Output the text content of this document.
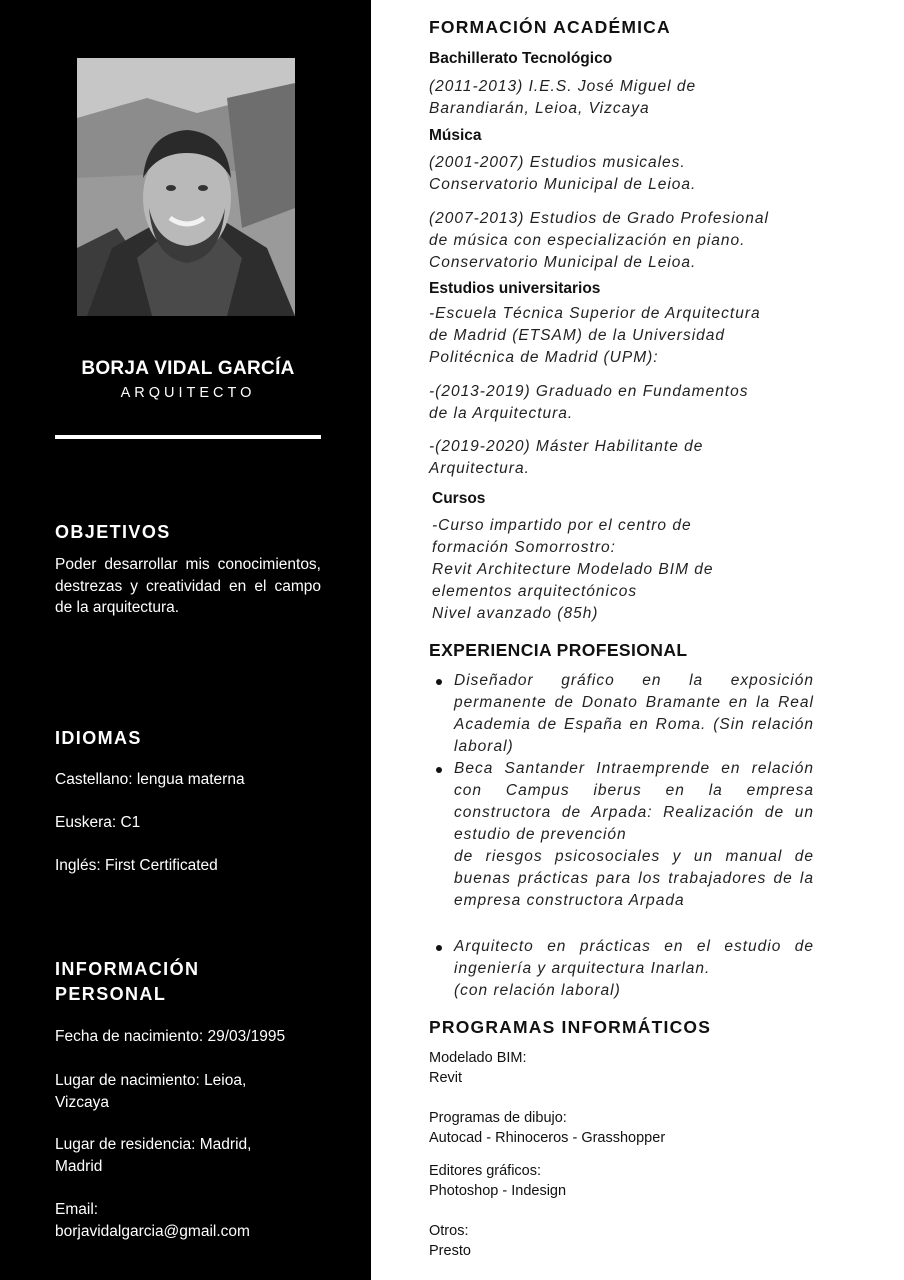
BORJA VIDAL GARCÍA
ARQUITECTO
OBJETIVOS
Poder desarrollar mis conocimientos, destrezas y creatividad en el campo de la arquitectura.
IDIOMAS
Castellano: lengua materna
Euskera: C1
Inglés: First Certificated
INFORMACIÓN
PERSONAL
Fecha de nacimiento: 29/03/1995
Lugar de nacimiento: Leioa,
Vizcaya
Lugar de residencia: Madrid,
Madrid
Email:
borjavidalgarcia@gmail.com
FORMACIÓN ACADÉMICA
Bachillerato Tecnológico
(2011-2013) I.E.S. José Miguel de
Barandiarán, Leioa, Vizcaya
Música
(2001-2007) Estudios musicales.
Conservatorio Municipal de Leioa.
(2007-2013) Estudios de Grado Profesional
de música con especialización en piano.
Conservatorio Municipal de Leioa.
Estudios universitarios
-Escuela Técnica Superior de Arquitectura
de Madrid (ETSAM) de la Universidad
Politécnica de Madrid (UPM):
-(2013-2019) Graduado en Fundamentos
de la Arquitectura.
-(2019-2020) Máster Habilitante de
Arquitectura.
Cursos
-Curso impartido por el centro de
formación Somorrostro:
Revit Architecture Modelado BIM de
elementos arquitectónicos
Nivel avanzado (85h)
EXPERIENCIA PROFESIONAL
Diseñador gráfico en la exposición permanente de Donato Bramante en la Real Academia de España en Roma. (Sin relación laboral)
Beca Santander Intraemprende en relación con Campus iberus en la empresa constructora de Arpada: Realización de un estudio de prevención
de riesgos psicosociales y un manual de buenas prácticas para los trabajadores de la empresa constructora Arpada
Arquitecto en prácticas en el estudio de ingeniería y arquitectura Inarlan.
(con relación laboral)
PROGRAMAS INFORMÁTICOS
Modelado BIM:
Revit
Programas de dibujo:
Autocad - Rhinoceros - Grasshopper
Editores gráficos:
Photoshop - Indesign
Otros:
Presto
